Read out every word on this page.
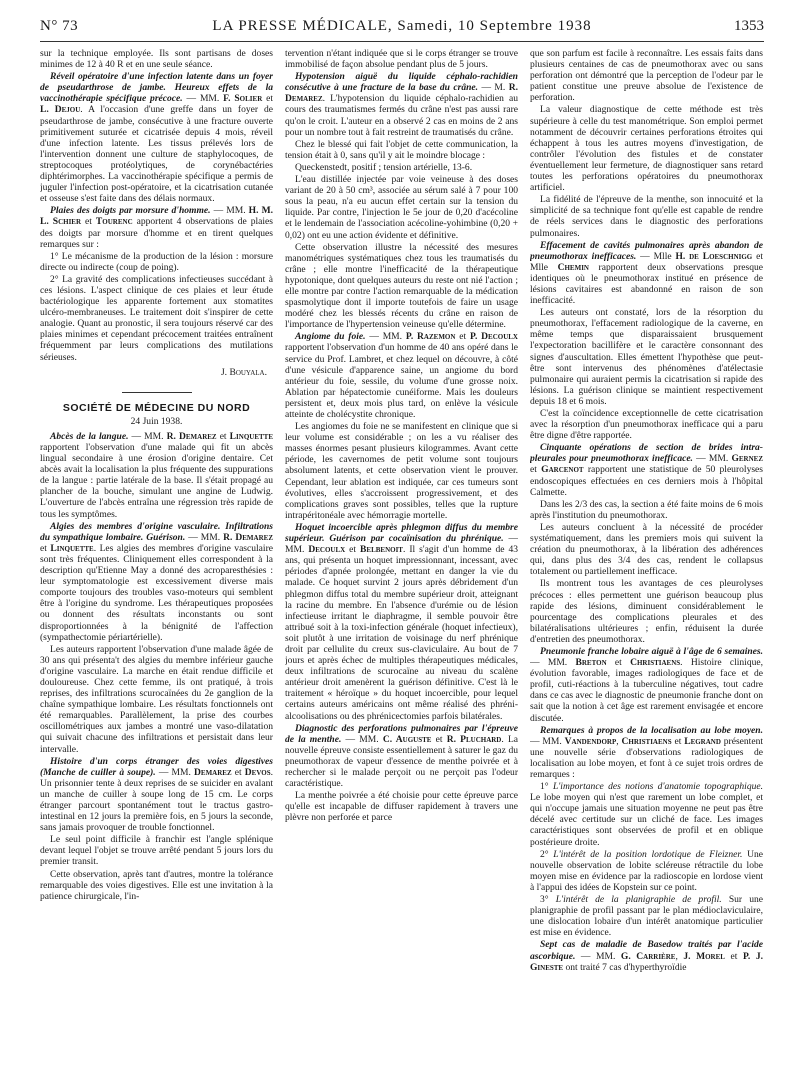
N° 73	LA PRESSE MÉDICALE, Samedi, 10 Septembre 1938	1353

sur la technique employée. Ils sont partisans de doses minimes de 12 à 40 R et en une seule séance.

Réveil opératoire d'une infection latente dans un foyer de pseudarthrose de jambe. Heureux effets de la vaccinothérapie spécifique précoce. — MM. F. Solier et L. Dejou. A l'occasion d'une greffe dans un foyer de pseudarthrose de jambe, consécutive à une fracture ouverte primitivement suturée et cicatrisée depuis 4 mois, réveil d'une infection latente. Les tissus prélevés lors de l'intervention donnent une culture de staphylocoques, de streptocoques protéolytiques, de corynébactéries diphtérimorphes. La vaccinothérapie spécifique a permis de juguler l'infection post-opératoire, et la cicatrisation cutanée et osseuse s'est faite dans des délais normaux.

Plaies des doigts par morsure d'homme. — MM. H. M. L. Schier et Tourenc apportent 4 observations de plaies des doigts par morsure d'homme et en tirent quelques remarques sur :

1° Le mécanisme de la production de la lésion : morsure directe ou indirecte (coup de poing).

2° La gravité des complications infectieuses succédant à ces lésions. L'aspect clinique de ces plaies et leur étude bactériologique les apparente fortement aux stomatites ulcéro-membraneuses. Le traitement doit s'inspirer de cette analogie. Quant au pronostic, il sera toujours réservé car des plaies minimes et cependant précocement traitées entraînent fréquemment par leurs complications des mutilations sérieuses.

J. Bouyala.
SOCIÉTÉ DE MÉDECINE DU NORD
24 Juin 1938.

Abcès de la langue. — MM. R. Demarez et Linquette rapportent l'observation d'une malade qui fit un abcès lingual secondaire à une érosion d'origine dentaire. Cet abcès avait la localisation la plus fréquente des suppurations de la langue : partie latérale de la base. Il s'était propagé au plancher de la bouche, simulant une angine de Ludwig. L'ouverture de l'abcès entraîna une régression très rapide de tous les symptômes.

Algies des membres d'origine vasculaire. Infiltrations du sympathique lombaire. Guérison. — MM. R. Demarez et Linquette. Les algies des membres d'origine vasculaire sont très fréquentes. Cliniquement elles correspondent à la description qu'Etienne May a donné des acroparesthésies : leur symptomatologie est excessivement diverse mais comporte toujours des troubles vaso-moteurs qui semblent être à l'origine du syndrome. Les thérapeutiques proposées ou donnent des résultats inconstants ou sont disproportionnées à la bénignité de l'affection (sympathectomie périartérielle).

Les auteurs rapportent l'observation d'une malade âgée de 30 ans qui présenta't des algies du membre inférieur gauche d'origine vasculaire. La marche en était rendue difficile et douloureuse. Chez cette femme, ils ont pratiqué, à trois reprises, des infiltrations scurocaïnées du 2e ganglion de la chaîne sympathique lombaire. Les résultats fonctionnels ont été remarquables. Parallèlement, la prise des courbes oscillométriques aux jambes a montré une vaso-dilatation qui suivait chacune des infiltrations et persistait dans leur intervalle.

Histoire d'un corps étranger des voies digestives (Manche de cuiller à soupe). — MM. Demarez et Devos. Un prisonnier tente à deux reprises de se suicider en avalant un manche de cuiller à soupe long de 15 cm. Le corps étranger parcourt spontanément tout le tractus gastro-intestinal en 12 jours la première fois, en 5 jours la seconde, sans jamais provoquer de trouble fonctionnel.

Le seul point difficile à franchir est l'angle splénique devant lequel l'objet se trouve arrêté pendant 5 jours lors du premier transit.

Cette observation, après tant d'autres, montre la tolérance remarquable des voies digestives. Elle est une invitation à la patience chirurgicale, l'in-

tervention n'étant indiquée que si le corps étranger se trouve immobilisé de façon absolue pendant plus de 5 jours.

Hypotension aiguë du liquide céphalo-rachidien consécutive à une fracture de la base du crâne. — M. R. Demarez. L'hypotension du liquide céphalo-rachidien au cours des traumatismes fermés du crâne n'est pas aussi rare qu'on le croit. L'auteur en a observé 2 cas en moins de 2 ans pour un nombre tout à fait restreint de traumatisés du crâne.

Chez le blessé qui fait l'objet de cette communication, la tension était à 0, sans qu'il y ait le moindre blocage :

Queckenstedt, positif ; tension artérielle, 13-6.

L'eau distillée injectée par voie veineuse à des doses variant de 20 à 50 cm³, associée au sérum salé à 7 pour 100 sous la peau, n'a eu aucun effet certain sur la tension du liquide. Par contre, l'injection le 5e jour de 0,20 d'acécoline et le lendemain de l'association acécoline-yohimbine (0,20 + 0,02) ont eu une action évidente et définitive.

Cette observation illustre la nécessité des mesures manométriques systématiques chez tous les traumatisés du crâne ; elle montre l'inefficacité de la thérapeutique hypotonique, dont quelques auteurs du reste ont nié l'action ; elle montre par contre l'action remarquable de la médication spasmolytique dont il importe toutefois de faire un usage modéré chez les blessés récents du crâne en raison de l'importance de l'hypertension veineuse qu'elle détermine.

Angiome du foie. — MM. P. Razemon et P. Decoulx rapportent l'observation d'un homme de 40 ans opéré dans le service du Prof. Lambret, et chez lequel on découvre, à côté d'une vésicule d'apparence saine, un angiome du bord antérieur du foie, sessile, du volume d'une grosse noix. Ablation par hépatectomie cunéiforme. Mais les douleurs persistent et, deux mois plus tard, on enlève la vésicule atteinte de cholécystite chronique.

Les angiomes du foie ne se manifestent en clinique que si leur volume est considérable ; on les a vu réaliser des masses énormes pesant plusieurs kilogrammes. Avant cette période, les cavernomes de petit volume sont toujours absolument latents, et cette observation vient le prouver. Cependant, leur ablation est indiquée, car ces tumeurs sont évolutives, elles s'accroissent progressivement, et des complications graves sont possibles, telles que la rupture intrapéritonéale avec hémorragie mortelle.

Hoquet incoercible après phlegmon diffus du membre supérieur. Guérison par cocaïnisation du phrénique. — MM. Decoulx et Belbenoit. Il s'agit d'un homme de 43 ans, qui présenta un hoquet impressionnant, incessant, avec périodes d'apnée prolongée, mettant en danger la vie du malade. Ce hoquet survint 2 jours après débridement d'un phlegmon diffus total du membre supérieur droit, atteignant la racine du membre. En l'absence d'urémie ou de lésion infectieuse irritant le diaphragme, il semble pouvoir être attribué soit à la toxi-infection générale (hoquet infectieux), soit plutôt à une irritation de voisinage du nerf phrénique droit par cellulite du creux sus-claviculaire. Au bout de 7 jours et après échec de multiples thérapeutiques médicales, deux infiltrations de scurocaïne au niveau du scalène antérieur droit amenèrent la guérison définitive. C'est là le traitement « héroïque » du hoquet incoercible, pour lequel certains auteurs américains ont même réalisé des phréni-alcoolisations ou des phrénicectomies parfois bilatérales.

Diagnostic des perforations pulmonaires par l'épreuve de la menthe. — MM. C. Auguste et R. Pluchard. La nouvelle épreuve consiste essentiellement à saturer le gaz du pneumothorax de vapeur d'essence de menthe poivrée et à rechercher si le malade perçoit ou ne perçoit pas l'odeur caractéristique.

La menthe poivrée a été choisie pour cette épreuve parce qu'elle est incapable de diffuser rapidement à travers une plèvre non perforée et parce

que son parfum est facile à reconnaître. Les essais faits dans plusieurs centaines de cas de pneumothorax avec ou sans perforation ont démontré que la perception de l'odeur par le patient constitue une preuve absolue de l'existence de perforation.

La valeur diagnostique de cette méthode est très supérieure à celle du test manométrique. Son emploi permet notamment de découvrir certaines perforations étroites qui échappent à tous les autres moyens d'investigation, de contrôler l'évolution des fistules et de constater éventuellement leur fermeture, de diagnostiquer sans retard toutes les perforations opératoires du pneumothorax artificiel.

La fidélité de l'épreuve de la menthe, son innocuité et la simplicité de sa technique font qu'elle est capable de rendre de réels services dans le diagnostic des perforations pulmonaires.

Effacement de cavités pulmonaires après abandon de pneumothorax inefficaces. — Mlle H. de Loeschnigg et Mlle Chemin rapportent deux observations presque identiques où le pneumothorax institué en présence de lésions cavitaires est abandonné en raison de son inefficacité.

Les auteurs ont constaté, lors de la résorption du pneumothorax, l'effacement radiologique de la caverne, en même temps que disparaissaient brusquement l'expectoration bacillifère et le caractère consonnant des signes d'auscultation. Elles émettent l'hypothèse que peut-être sont intervenus des phénomènes d'atélectasie pulmonaire qui auraient permis la cicatrisation si rapide des lésions. La guérison clinique se maintient respectivement depuis 18 et 6 mois.

C'est la coïncidence exceptionnelle de cette cicatrisation avec la résorption d'un pneumothorax inefficace qui a paru être digne d'être rapportée.

Cinquante opérations de section de brides intra-pleurales pour pneumothorax inefficace. — MM. Gernez et Garcenot rapportent une statistique de 50 pleurolyses endoscopiques effectuées en ces derniers mois à l'hôpital Calmette.

Dans les 2/3 des cas, la section a été faite moins de 6 mois après l'institution du pneumothorax.

Les auteurs concluent à la nécessité de procéder systématiquement, dans les premiers mois qui suivent la création du pneumothorax, à la libération des adhérences qui, dans plus des 3/4 des cas, rendent le collapsus totalement ou partiellement inefficace.

Ils montrent tous les avantages de ces pleurolyses précoces : elles permettent une guérison beaucoup plus rapide des lésions, diminuent considérablement le pourcentage des complications pleurales et des bilatéralisations ultérieures ; enfin, réduisent la durée d'entretien des pneumothorax.

Pneumonie franche lobaire aiguë à l'âge de 6 semaines. — MM. Breton et Christiaens. Histoire clinique, évolution favorable, images radiologiques de face et de profil, cuti-réactions à la tuberculine négatives, tout cadre dans ce cas avec le diagnostic de pneumonie franche dont on sait que la notion à cet âge est rarement envisagée et encore discutée.

Remarques à propos de la localisation au lobe moyen. — MM. Vandendorp, Christiaens et Legrand présentent une nouvelle série d'observations radiologiques de localisation au lobe moyen, et font à ce sujet trois ordres de remarques :

1° L'importance des notions d'anatomie topographique. Le lobe moyen qui n'est que rarement un lobe complet, et qui n'occupe jamais une situation moyenne ne peut pas être décelé avec certitude sur un cliché de face. Les images caractéristiques sont observées de profil et en oblique postérieure droite.

2° L'intérêt de la position lordotique de Fleizner. Une nouvelle observation de lobite scléreuse rétractile du lobe moyen mise en évidence par la radioscopie en lordose vient à l'appui des idées de Kopstein sur ce point.

3° L'intérêt de la planigraphie de profil. Sur une planigraphie de profil passant par le plan médioclaviculaire, une dislocation lobaire d'un intérêt anatomique particulier est mise en évidence.

Sept cas de maladie de Basedow traités par l'acide ascorbique. — MM. G. Carrière, J. Morel et P. J. Gineste ont traité 7 cas d'hyperthyroïdie
